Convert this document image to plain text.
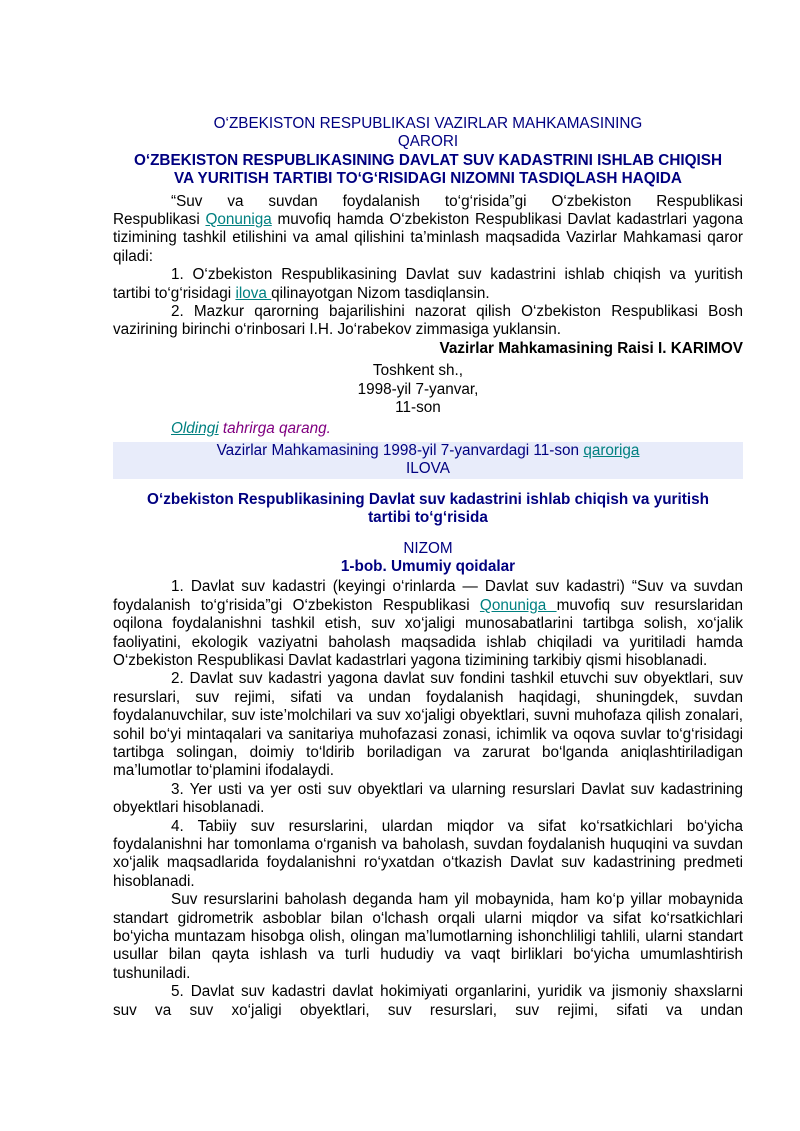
O‘ZBEKISTON RESPUBLIKASI VAZIRLAR MAHKAMASINING

QARORI

O‘ZBEKISTON RESPUBLIKASINING DAVLAT SUV KADASTRINI ISHLAB CHIQISH
VA YURITISH TARTIBI TO‘G‘RISIDAGI NIZOMNI TASDIQLASH HAQIDA

“Suv va suvdan foydalanish to‘g‘risida”gi O‘zbekiston Respublikasi

Respublikasi Qonuniga muvofiq hamda O‘zbekiston Respublikasi Davlat kadastrlari yagona tizimining tashkil etilishini va amal qilishini ta’minlash maqsadida Vazirlar Mahkamasi qaror qiladi:

1. O‘zbekiston Respublikasining Davlat suv kadastrini ishlab chiqish va yuritish tartibi to‘g‘risidagi ilova qilinayotgan Nizom tasdiqlansin.

2. Mazkur qarorning bajarilishini nazorat qilish O‘zbekiston Respublikasi Bosh vazirining birinchi o‘rinbosari I.H. Jo‘rabekov zimmasiga yuklansin.

Vazirlar Mahkamasining Raisi I. KARIMOV

Toshkent sh.,

1998-yil 7-yanvar,

11-son

Oldingi tahrirga qarang.

Vazirlar Mahkamasining 1998-yil 7-yanvardagi 11-son qaroriga
ILOVA
O‘zbekiston Respublikasining Davlat suv kadastrini ishlab chiqish va yuritish
tartibi to‘g‘risida

NIZOM

1-bob. Umumiy qoidalar

1. Davlat suv kadastri (keyingi o‘rinlarda — Davlat suv kadastri) “Suv va suvdan foydalanish to‘g‘risida”gi O‘zbekiston Respublikasi Qonuniga muvofiq suv resurslaridan oqilona foydalanishni tashkil etish, suv xo‘jaligi munosabatlarini tartibga solish, xo‘jalik faoliyatini, ekologik vaziyatni baholash maqsadida ishlab chiqiladi va yuritiladi hamda O‘zbekiston Respublikasi Davlat kadastrlari yagona tizimining tarkibiy qismi hisoblanadi.

2. Davlat suv kadastri yagona davlat suv fondini tashkil etuvchi suv obyektlari, suv resurslari, suv rejimi, sifati va undan foydalanish haqidagi, shuningdek, suvdan foydalanuvchilar, suv iste’molchilari va suv xo‘jaligi obyektlari, suvni muhofaza qilish zonalari, sohil bo‘yi mintaqalari va sanitariya muhofazasi zonasi, ichimlik va oqova suvlar to‘g‘risidagi tartibga solingan, doimiy to‘ldirib boriladigan va zarurat bo‘lganda aniqlashtiriladigan ma’lumotlar to‘plamini ifodalaydi.

3. Yer usti va yer osti suv obyektlari va ularning resurslari Davlat suv kadastrining obyektlari hisoblanadi.

4. Tabiiy suv resurslarini, ulardan miqdor va sifat ko‘rsatkichlari bo‘yicha foydalanishni har tomonlama o‘rganish va baholash, suvdan foydalanish huquqini va suvdan xo‘jalik maqsadlarida foydalanishni ro‘yxatdan o‘tkazish Davlat suv kadastrining predmeti hisoblanadi.

Suv resurslarini baholash deganda ham yil mobaynida, ham ko‘p yillar mobaynida standart gidrometrik asboblar bilan o‘lchash orqali ularni miqdor va sifat ko‘rsatkichlari bo‘yicha muntazam hisobga olish, olingan ma’lumotlarning ishonchliligi tahlili, ularni standart usullar bilan qayta ishlash va turli hududiy va vaqt birliklari bo‘yicha umumlashtirish tushuniladi.

5. Davlat suv kadastri davlat hokimiyati organlarini, yuridik va jismoniy shaxslarni suv va suv xo‘jaligi obyektlari, suv resurslari, suv rejimi, sifati va undan
